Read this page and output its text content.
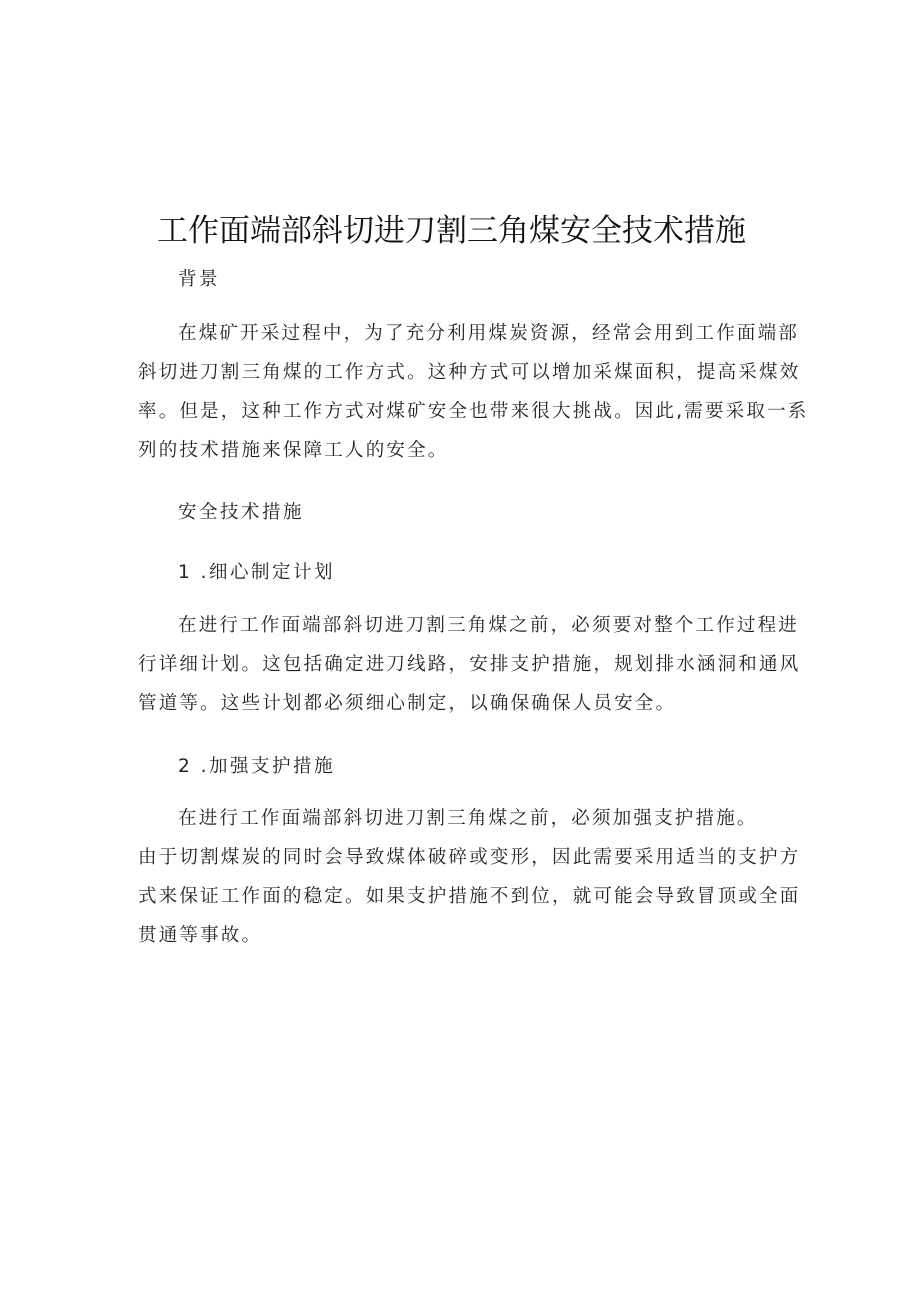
工作面端部斜切进刀割三角煤安全技术措施
背景
在煤矿开采过程中，为了充分利用煤炭资源，经常会用到工作面端部
斜切进刀割三角煤的工作方式。这种方式可以增加采煤面积，提高采煤效
率。但是，这种工作方式对煤矿安全也带来很大挑战。因此,需要采取一系
列的技术措施来保障工人的安全。
安全技术措施
1 .细心制定计划
在进行工作面端部斜切进刀割三角煤之前，必须要对整个工作过程进
行详细计划。这包括确定进刀线路，安排支护措施，规划排水涵洞和通风
管道等。这些计划都必须细心制定，以确保确保人员安全。
2 .加强支护措施
在进行工作面端部斜切进刀割三角煤之前，必须加强支护措施。
由于切割煤炭的同时会导致煤体破碎或变形，因此需要采用适当的支护方
式来保证工作面的稳定。如果支护措施不到位，就可能会导致冒顶或全面
贯通等事故。
